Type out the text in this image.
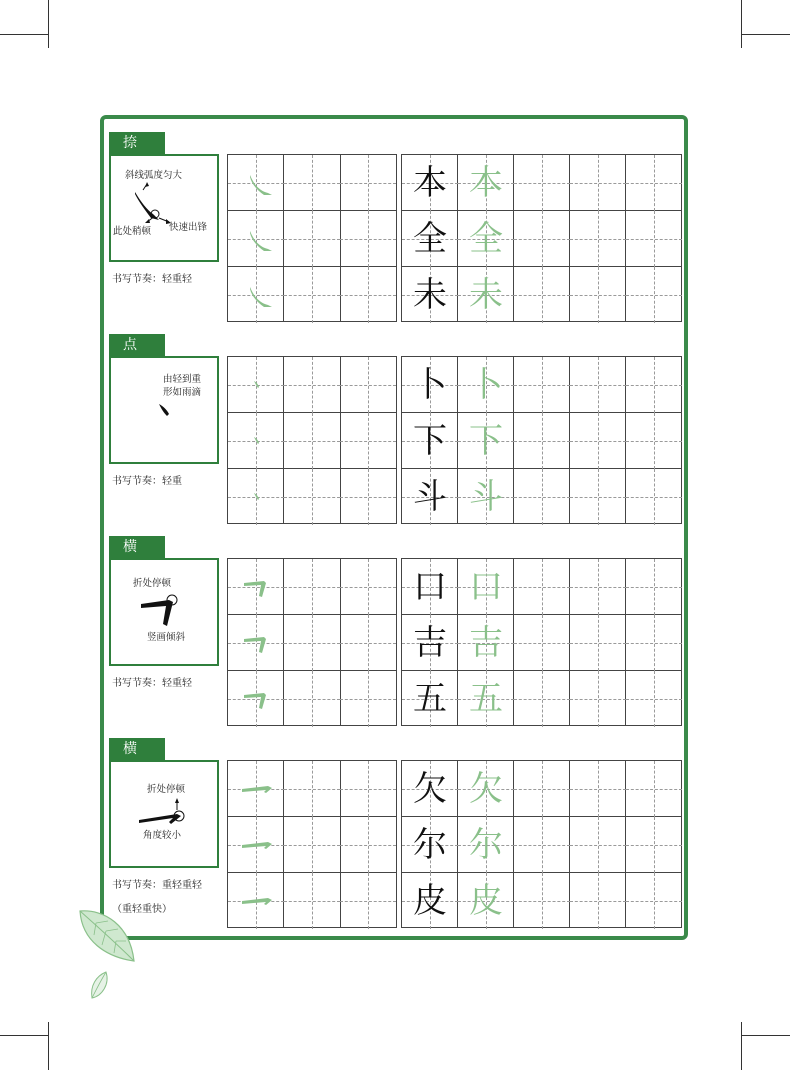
捺
斜线弧度匀大
此处稍顿 快速出锋
书写节奏：轻重轻
本 本
全 全
未 未
点
由轻到重
形如雨滴
书写节奏：轻重
卜 卜
下 下
斗 斗
横
折处停顿
竖画倾斜
书写节奏：轻重轻
口 口
吉 吉
五 五
横
折处停顿
角度较小
书写节奏：重轻重轻
（重轻重快）
欠 欠
尔 尔
皮 皮
